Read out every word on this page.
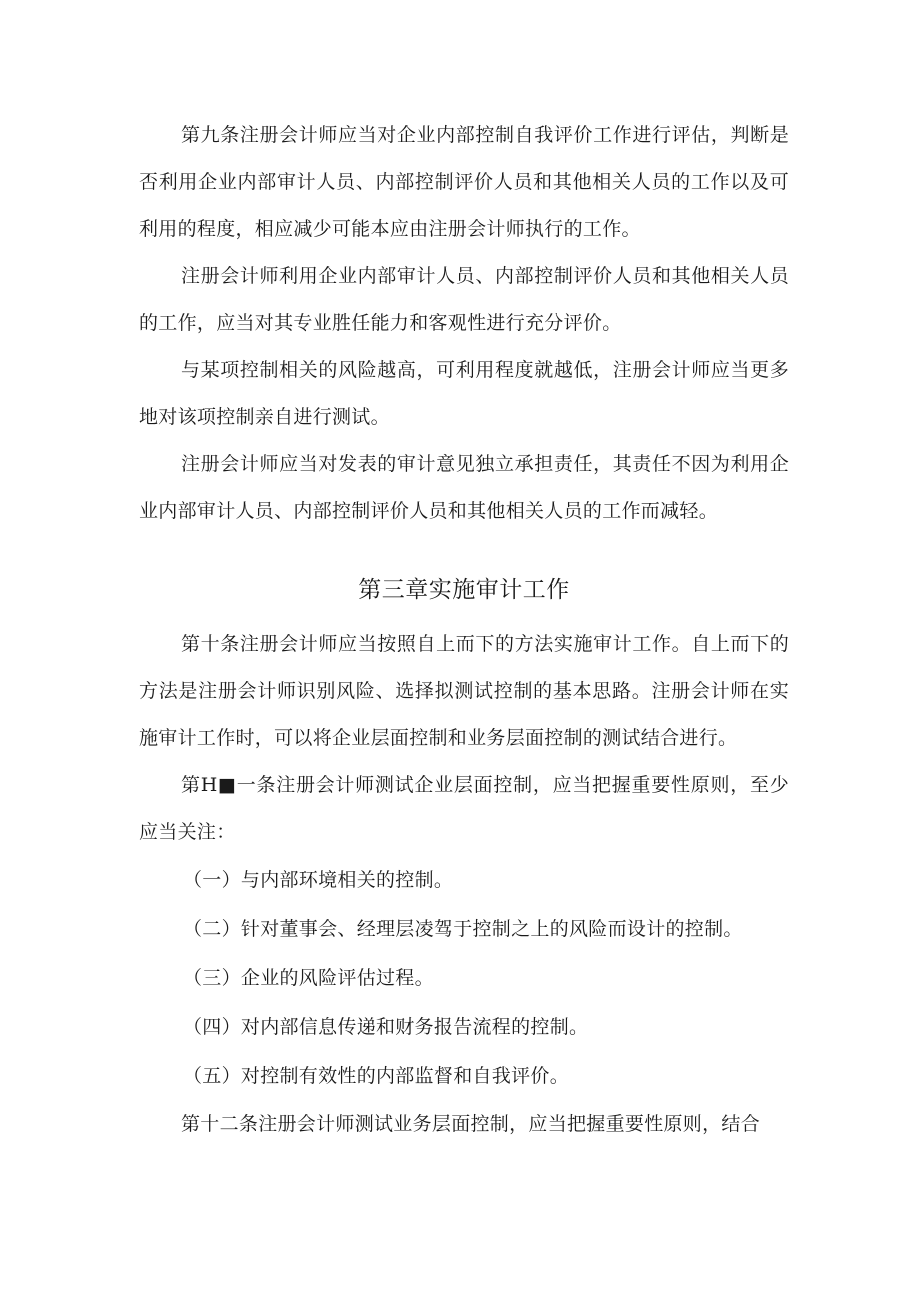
第九条注册会计师应当对企业内部控制自我评价工作进行评估，判断是否利用企业内部审计人员、内部控制评价人员和其他相关人员的工作以及可利用的程度，相应减少可能本应由注册会计师执行的工作。

注册会计师利用企业内部审计人员、内部控制评价人员和其他相关人员的工作，应当对其专业胜任能力和客观性进行充分评价。

与某项控制相关的风险越高，可利用程度就越低，注册会计师应当更多地对该项控制亲自进行测试。

注册会计师应当对发表的审计意见独立承担责任，其责任不因为利用企业内部审计人员、内部控制评价人员和其他相关人员的工作而减轻。

第三章实施审计工作

第十条注册会计师应当按照自上而下的方法实施审计工作。自上而下的方法是注册会计师识别风险、选择拟测试控制的基本思路。注册会计师在实施审计工作时，可以将企业层面控制和业务层面控制的测试结合进行。

第H■一条注册会计师测试企业层面控制，应当把握重要性原则，至少应当关注：

（一）与内部环境相关的控制。

（二）针对董事会、经理层凌驾于控制之上的风险而设计的控制。

（三）企业的风险评估过程。

（四）对内部信息传递和财务报告流程的控制。

（五）对控制有效性的内部监督和自我评价。

第十二条注册会计师测试业务层面控制，应当把握重要性原则，结合
